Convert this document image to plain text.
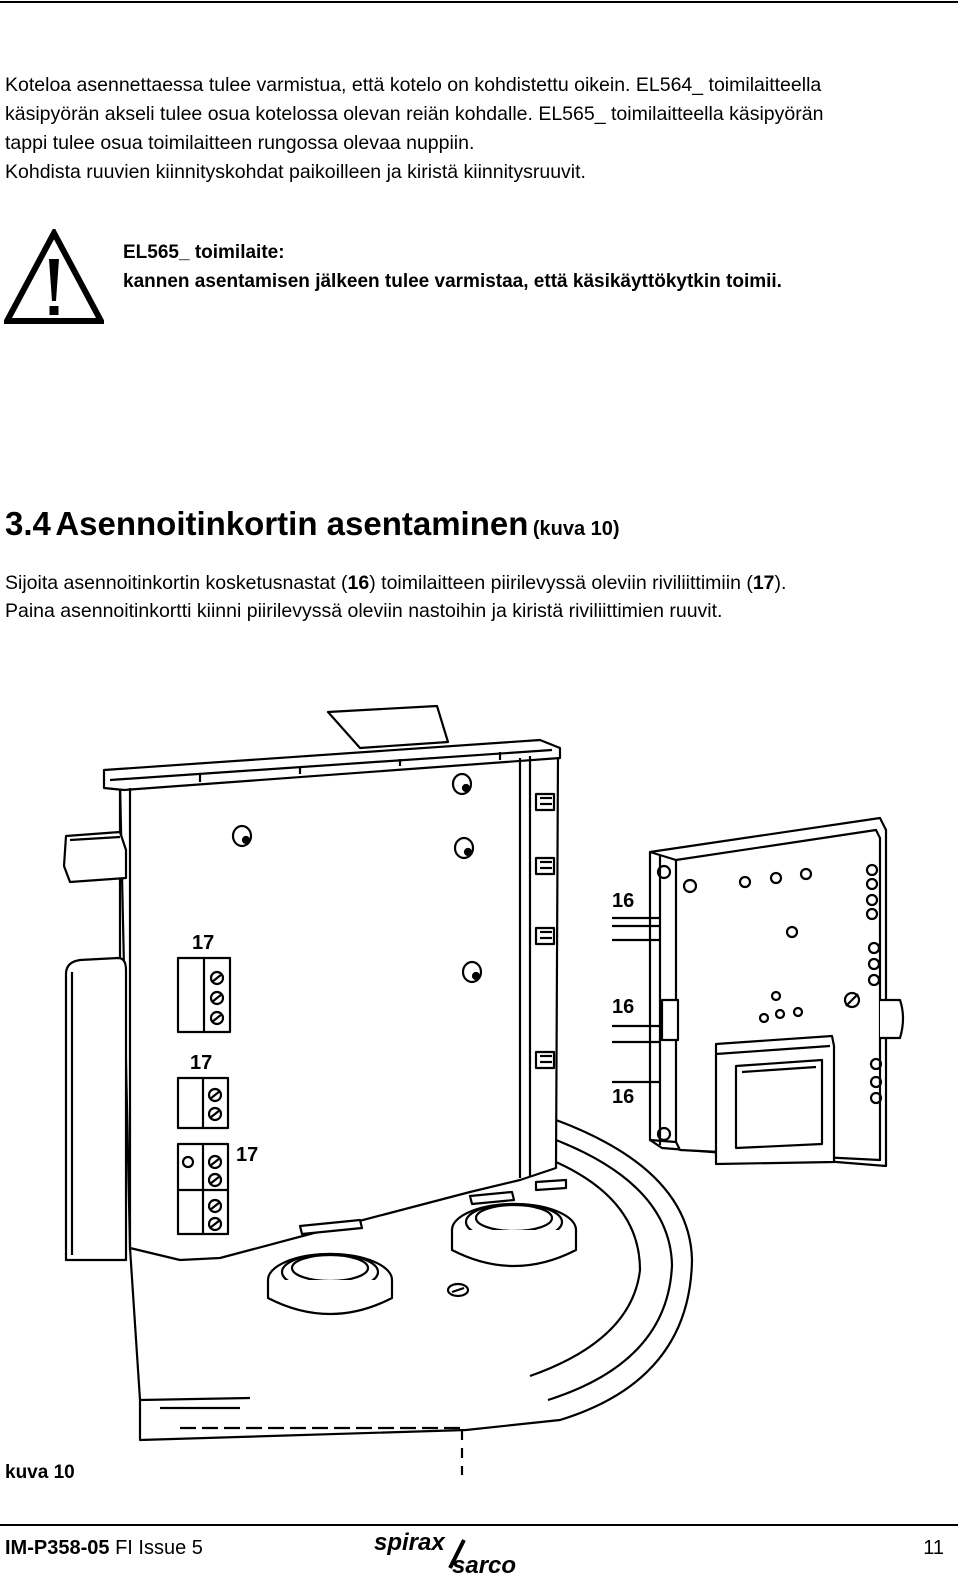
Koteloa asennettaessa tulee varmistua, että kotelo on kohdistettu oikein. EL564_ toimilaitteella

käsipyörän akseli tulee osua kotelossa olevan reiän kohdalle. EL565_ toimilaitteella käsipyörän

tappi tulee osua toimilaitteen rungossa olevaa nuppiin.

Kohdista ruuvien kiinnityskohdat paikoilleen ja kiristä kiinnitysruuvit.

EL565_ toimilaite:
kannen asentamisen jälkeen tulee varmistaa, että käsikäyttökytkin toimii.
3.4 Asennoitinkortin asentaminen (kuva 10)

Sijoita asennoitinkortin kosketusnastat (16) toimilaitteen piirilevyssä oleviin riviliittimiin (17).

Paina asennoitinkortti kiinni piirilevyssä oleviin nastoihin ja kiristä riviliittimien ruuvit.

17
17
17
16
16
16
kuva 10
IM-P358-05 FI Issue 5	spirax
sarco
11
